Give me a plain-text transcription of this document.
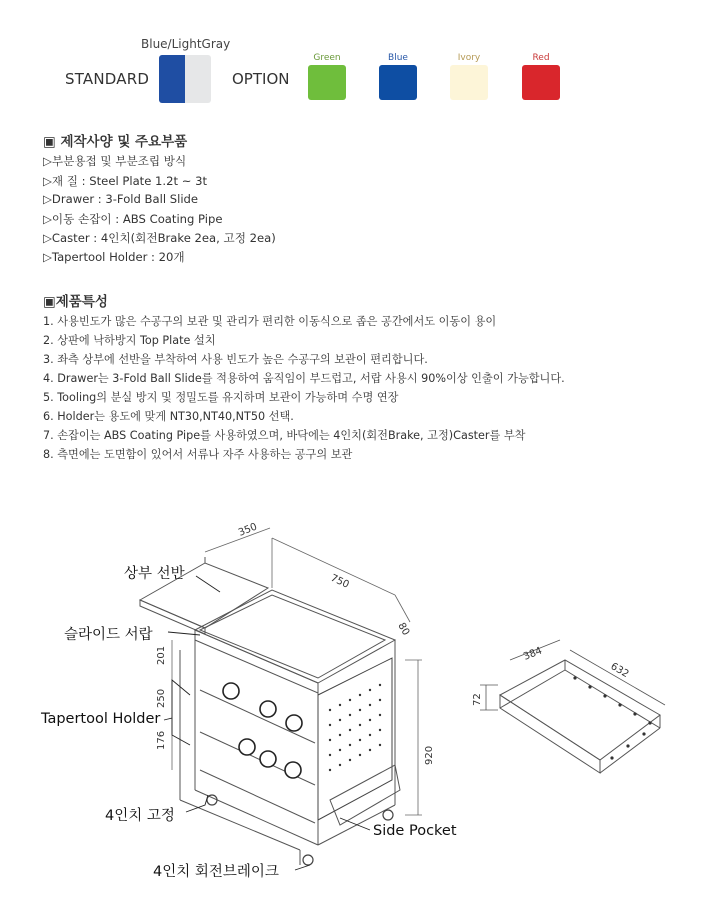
Blue/LightGray
STANDARD	OPTION
Green	Blue	Ivory	Red
▣ 제작사양 및 주요부품
▷부분용접 및 부분조립 방식
▷재 질 : Steel Plate 1.2t ~ 3t
▷Drawer : 3-Fold Ball Slide
▷이동 손잡이 : ABS Coating Pipe
▷Caster : 4인치(회전Brake 2ea, 고정 2ea)
▷Tapertool Holder : 20개
▣제품특성
1. 사용빈도가 많은 수공구의 보관 및 관리가 편리한 이동식으로 좁은 공간에서도 이동이 용이
2. 상판에 낙하방지 Top Plate 설치
3. 좌측 상부에 선반을 부착하여 사용 빈도가 높은 수공구의 보관이 편리합니다.
4. Drawer는 3-Fold Ball Slide를 적용하여 움직임이 부드럽고, 서랍 사용시 90%이상 인출이 가능합니다.
5. Tooling의 분실 방지 및 정밀도를 유지하며 보관이 가능하며 수명 연장
6. Holder는 용도에 맞게 NT30,NT40,NT50 선택.
7. 손잡이는 ABS Coating Pipe를 사용하였으며, 바닥에는 4인치(회전Brake, 고정)Caster를 부착
8. 측면에는 도면함이 있어서 서류나 자주 사용하는 공구의 보관
350
750
80
201
250
176
920
384
632
72
상부 선반
슬라이드 서랍
Tapertool Holder
4인치 고정
4인치 회전브레이크
Side Pocket
